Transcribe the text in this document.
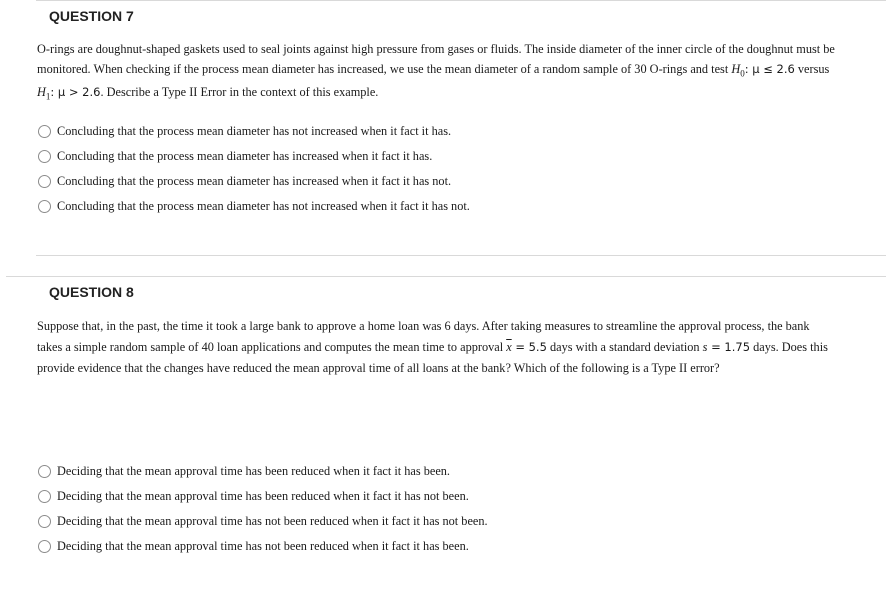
QUESTION 7
O-rings are doughnut-shaped gaskets used to seal joints against high pressure from gases or fluids. The inside diameter of the inner circle of the doughnut must be monitored. When checking if the process mean diameter has increased, we use the mean diameter of a random sample of 30 O-rings and test $H_0$: μ ≤ 2.6 versus $H_1$: μ > 2.6. Describe a Type II Error in the context of this example.
Concluding that the process mean diameter has not increased when it fact it has.
Concluding that the process mean diameter has increased when it fact it has.
Concluding that the process mean diameter has increased when it fact it has not.
Concluding that the process mean diameter has not increased when it fact it has not.
QUESTION 8
Suppose that, in the past, the time it took a large bank to approve a home loan was 6 days. After taking measures to streamline the approval process, the bank takes a simple random sample of 40 loan applications and computes the mean time to approval $\overline{x} = 5.5$ days with a standard deviation s = 1.75 days. Does this provide evidence that the changes have reduced the mean approval time of all loans at the bank? Which of the following is a Type II error?
Deciding that the mean approval time has been reduced when it fact it has been.
Deciding that the mean approval time has been reduced when it fact it has not been.
Deciding that the mean approval time has not been reduced when it fact it has not been.
Deciding that the mean approval time has not been reduced when it fact it has been.
